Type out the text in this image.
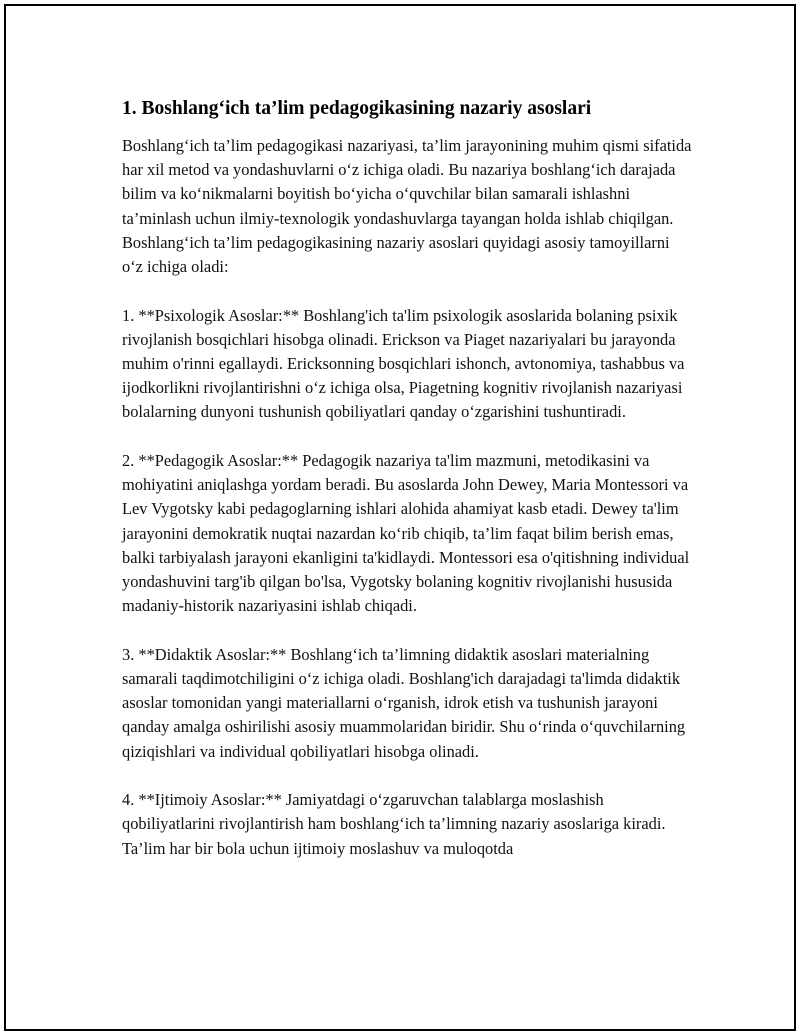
1. Boshlang‘ich ta’lim pedagogikasining nazariy asoslari

Boshlang‘ich ta’lim pedagogikasi nazariyasi, ta’lim jarayonining muhim qismi sifatida har xil metod va yondashuvlarni o‘z ichiga oladi. Bu nazariya boshlang‘ich darajada bilim va ko‘nikmalarni boyitish bo‘yicha o‘quvchilar bilan samarali ishlashni ta’minlash uchun ilmiy-texnologik yondashuvlarga tayangan holda ishlab chiqilgan. Boshlang‘ich ta’lim pedagogikasining nazariy asoslari quyidagi asosiy tamoyillarni o‘z ichiga oladi:

1. **Psixologik Asoslar:** Boshlang'ich ta'lim psixologik asoslarida bolaning psixik rivojlanish bosqichlari hisobga olinadi. Erickson va Piaget nazariyalari bu jarayonda muhim o'rinni egallaydi. Ericksonning bosqichlari ishonch, avtonomiya, tashabbus va ijodkorlikni rivojlantirishni o‘z ichiga olsa, Piagetning kognitiv rivojlanish nazariyasi bolalarning dunyoni tushunish qobiliyatlari qanday o‘zgarishini tushuntiradi.

2. **Pedagogik Asoslar:** Pedagogik nazariya ta'lim mazmuni, metodikasini va mohiyatini aniqlashga yordam beradi. Bu asoslarda John Dewey, Maria Montessori va Lev Vygotsky kabi pedagoglarning ishlari alohida ahamiyat kasb etadi. Dewey ta'lim jarayonini demokratik nuqtai nazardan ko‘rib chiqib, ta’lim faqat bilim berish emas, balki tarbiyalash jarayoni ekanligini ta'kidlaydi. Montessori esa o'qitishning individual yondashuvini targ'ib qilgan bo'lsa, Vygotsky bolaning kognitiv rivojlanishi hususida madaniy-historik nazariyasini ishlab chiqadi.

3. **Didaktik Asoslar:** Boshlang‘ich ta’limning didaktik asoslari materialning samarali taqdimotchiligini o‘z ichiga oladi. Boshlang'ich darajadagi ta'limda didaktik asoslar tomonidan yangi materiallarni o‘rganish, idrok etish va tushunish jarayoni qanday amalga oshirilishi asosiy muammolaridan biridir. Shu o‘rinda o‘quvchilarning qiziqishlari va individual qobiliyatlari hisobga olinadi.

4. **Ijtimoiy Asoslar:** Jamiyatdagi o‘zgaruvchan talablarga moslashish qobiliyatlarini rivojlantirish ham boshlang‘ich ta’limning nazariy asoslariga kiradi. Ta’lim har bir bola uchun ijtimoiy moslashuv va muloqotda
